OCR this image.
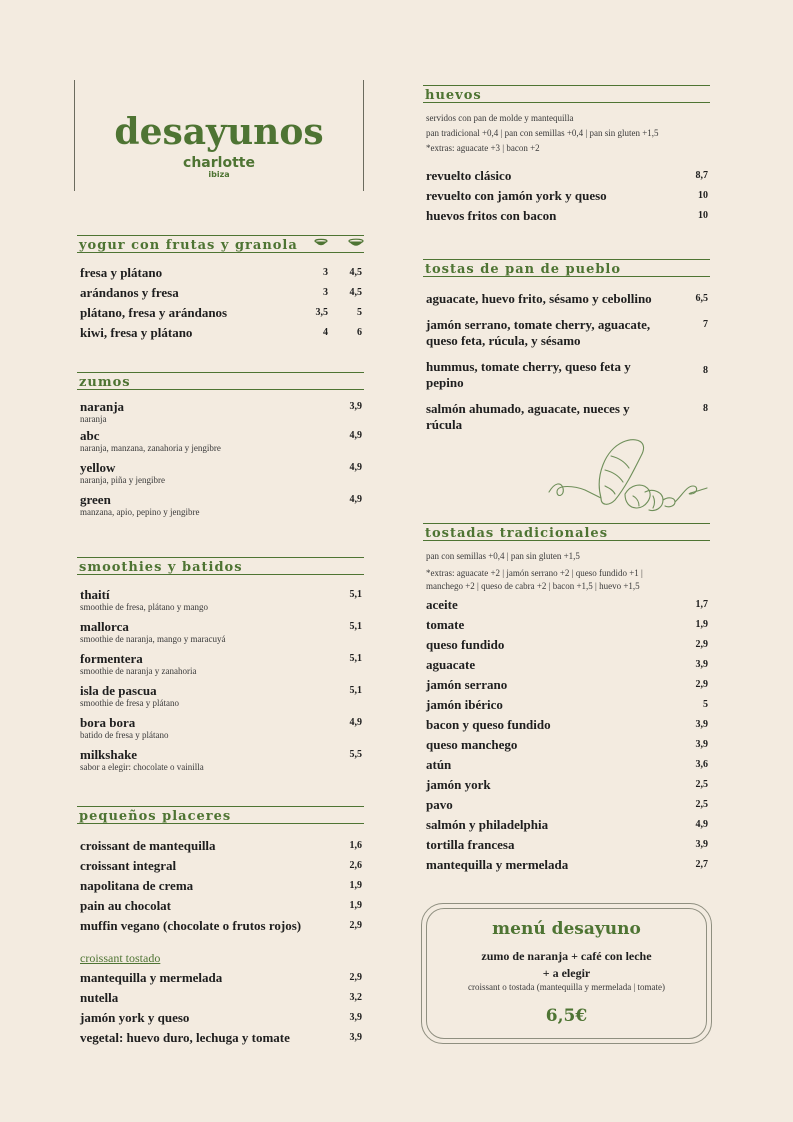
desayunos
charlotte
ibiza
yogur con frutas y granola
fresa y plátano	3 4,5
arándanos y fresa	3 4,5
plátano, fresa y arándanos	3,5	5
kiwi, fresa y plátano	4	6
zumos
naranja
naranja
3,9
abc
naranja, manzana, zanahoria y jengibre
4,9
yellow
naranja, piña y jengibre
4,9
green
manzana, apio, pepino y jengibre
4,9
smoothies y batidos
thaití
smoothie de fresa, plátano y mango
5,1
mallorca
smoothie de naranja, mango y maracuyá
5,1
formentera
smoothie de naranja y zanahoria
5,1
isla de pascua
smoothie de fresa y plátano
5,1
bora bora
batido de fresa y plátano
4,9
milkshake
sabor a elegir: chocolate o vainilla
5,5
pequeños placeres
croissant de mantequilla	1,6
croissant integral	2,6
napolitana de crema	1,9
pain au chocolat	1,9
muffin vegano (chocolate o frutos rojos)	2,9
croissant tostado
mantequilla y mermelada	2,9
nutella	3,2
jamón york y queso	3,9
vegetal: huevo duro, lechuga y tomate	3,9
huevos
servidos con pan de molde y mantequilla
pan tradicional +0,4 | pan con semillas +0,4 | pan sin gluten +1,5
*extras: aguacate +3 | bacon +2
revuelto clásico	8,7
revuelto con jamón york y queso	10
huevos fritos con bacon	10
tostas de pan de pueblo
aguacate, huevo frito, sésamo y cebollino	6,5
jamón serrano, tomate cherry, aguacate, queso feta, rúcula, y sésamo
7
hummus, tomate cherry, queso feta y pepino
8
salmón ahumado, aguacate, nueces y rúcula
8
tostadas tradicionales
pan con semillas +0,4 | pan sin gluten +1,5
*extras: aguacate +2 | jamón serrano +2 | queso fundido +1 |
manchego +2 | queso de cabra +2 | bacon +1,5 | huevo +1,5
aceite	1,7
tomate	1,9
queso fundido	2,9
aguacate	3,9
jamón serrano	2,9
jamón ibérico	5
bacon y queso fundido	3,9
queso manchego	3,9
atún	3,6
jamón york	2,5
pavo	2,5
salmón y philadelphia	4,9
tortilla francesa	3,9
mantequilla y mermelada	2,7
menú desayuno
zumo de naranja + café con leche
+ a elegir
croissant o tostada (mantequilla y mermelada | tomate)
6,5€
